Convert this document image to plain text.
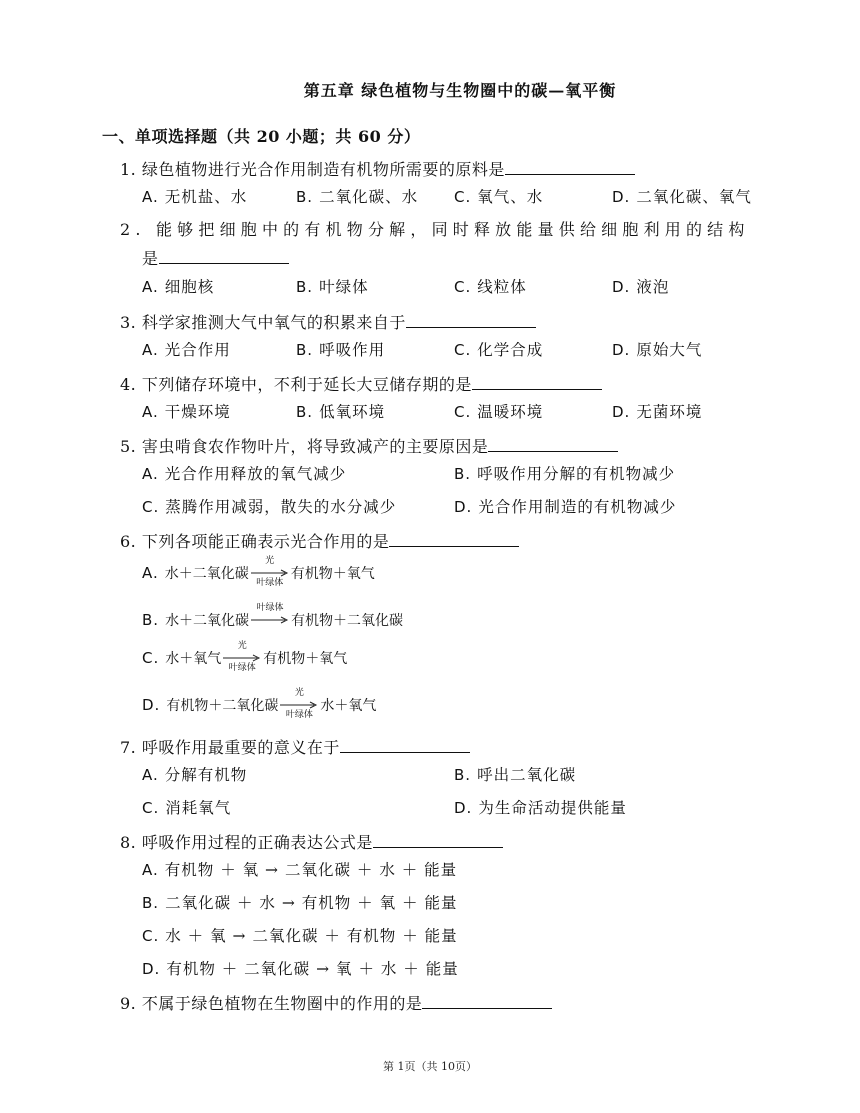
第五章 绿色植物与生物圈中的碳—氧平衡
一、单项选择题（共 20 小题；共 60 分）
1. 绿色植物进行光合作用制造有机物所需要的原料是
A. 无机盐、水	B. 二氧化碳、水 C. 氧气、水	D. 二氧化碳、氧气
2. 能够把细胞中的有机物分解，同时释放能量供给细胞利用的结构
是
A. 细胞核	B. 叶绿体	C. 线粒体	D. 液泡
3. 科学家推测大气中氧气的积累来自于
A. 光合作用	B. 呼吸作用	C. 化学合成	D. 原始大气
4. 下列储存环境中，不利于延长大豆储存期的是
A. 干燥环境	B. 低氧环境	C. 温暖环境	D. 无菌环境
5. 害虫啃食农作物叶片，将导致减产的主要原因是
A. 光合作用释放的氧气减少	B. 呼吸作用分解的有机物减少
C. 蒸腾作用减弱，散失的水分减少	D. 光合作用制造的有机物减少
6. 下列各项能正确表示光合作用的是
A. 水＋二氧化碳
光
叶绿体
有机物＋氧气
B. 水＋二氧化碳
叶绿体
有机物＋二氧化碳
C. 水＋氧气
光
叶绿体
有机物＋氧气
D. 有机物＋二氧化碳
光
叶绿体
水＋氧气
7. 呼吸作用最重要的意义在于
A. 分解有机物	B. 呼出二氧化碳
C. 消耗氧气	D. 为生命活动提供能量
8. 呼吸作用过程的正确表达公式是
A. 有机物 ＋ 氧 → 二氧化碳 ＋ 水 ＋ 能量
B. 二氧化碳 ＋ 水 → 有机物 ＋ 氧 ＋ 能量
C. 水 ＋ 氧 → 二氧化碳 ＋ 有机物 ＋ 能量
D. 有机物 ＋ 二氧化碳 → 氧 ＋ 水 ＋ 能量
9. 不属于绿色植物在生物圈中的作用的是
第 1页（共 10页）
